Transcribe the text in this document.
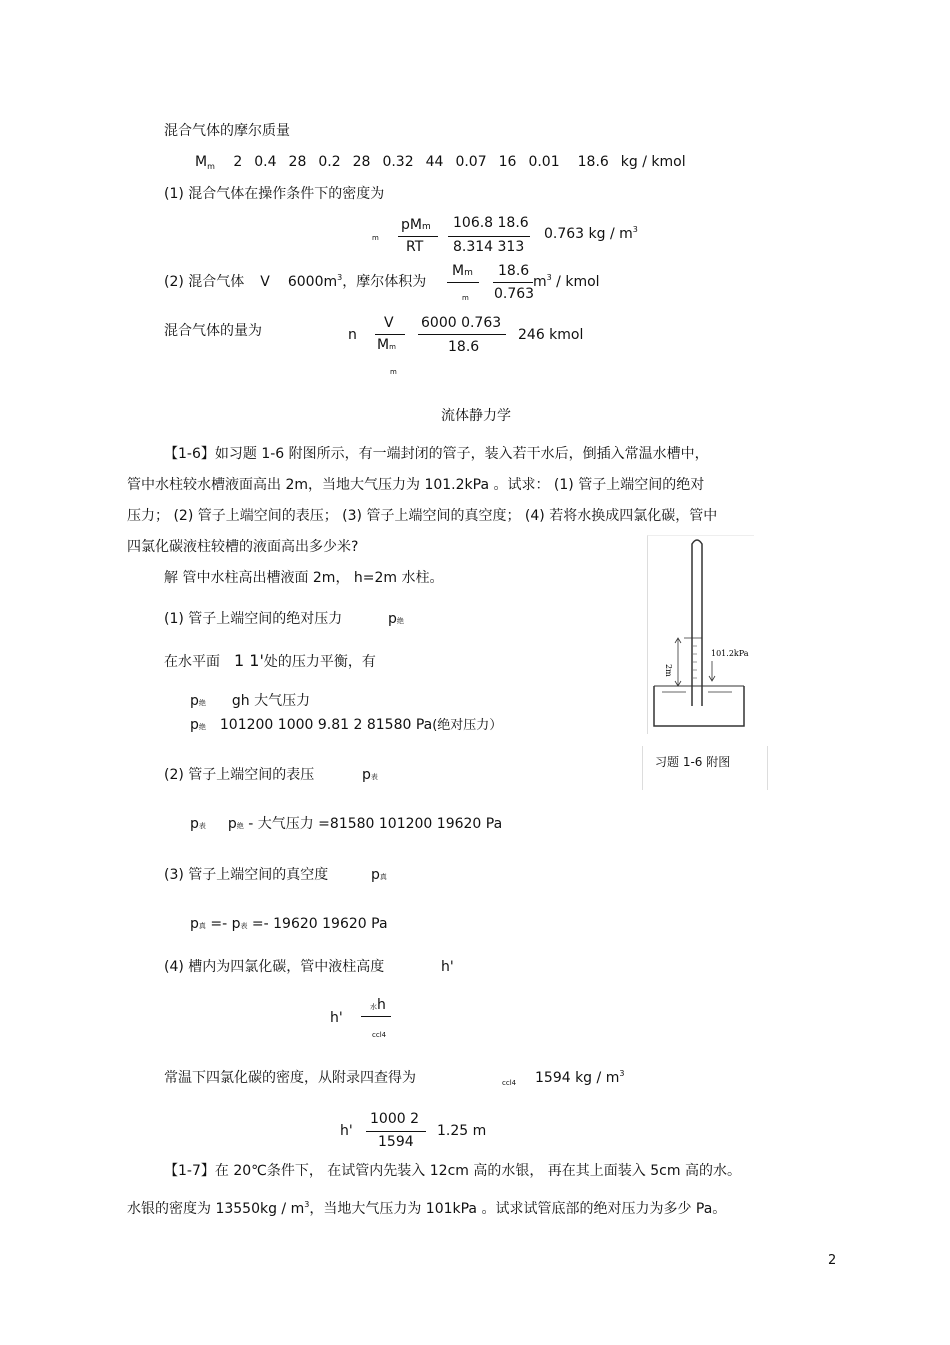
混合气体的摩尔质量
$M_m$ 2 0.4 28 0.2 28 0.32 44 0.07 16 0.01 18.6 kg / kmol
(1) 混合气体在操作条件下的密度为
m
pMm
RT
106.8 18.6
8.314 313
0.763 kg / $m^3$
(2) 混合气体 V $6000m^3$，摩尔体积为
Mm
m
18.6
0.763
$m^3$ / kmol
混合气体的量为	n
V
Mm
m
6000 0.763
18.6
246 kmol
流体静力学
【1-6】如习题 1-6 附图所示，有一端封闭的管子，装入若干水后，倒插入常温水槽中，
管中水柱较水槽液面高出 2m，当地大气压力为 101.2kPa 。试求： (1) 管子上端空间的绝对
压力； (2) 管子上端空间的表压； (3) 管子上端空间的真空度； (4) 若将水换成四氯化碳，管中
四氯化碳液柱较槽的液面高出多少米?
解 管中水柱高出槽液面 2m， h=2m 水柱。
(1) 管子上端空间的绝对压力	p绝
在水平面 1 1'处的压力平衡，有
p绝 gh 大气压力
p绝 101200 1000 9.81 2 81580 Pa(绝对压力）
(2) 管子上端空间的表压	p表
p表 p绝 - 大气压力 =81580 101200 19620 Pa
(3) 管子上端空间的真空度	p真
p真 =- p表 =- 19620 19620 Pa
(4) 槽内为四氯化碳，管中液柱高度	h'
h'
水h
ccl4
常温下四氯化碳的密度，从附录四查得为	ccl4 1594 kg / $m^3$
h'
1000 2
1594
1.25 m
2m
101.2kPa
习题 1-6 附图
【1-7】在 20℃条件下， 在试管内先装入 12cm 高的水银， 再在其上面装入 5cm 高的水。
水银的密度为 $13550kg / m^3$，当地大气压力为 101kPa 。试求试管底部的绝对压力为多少 Pa。
2
